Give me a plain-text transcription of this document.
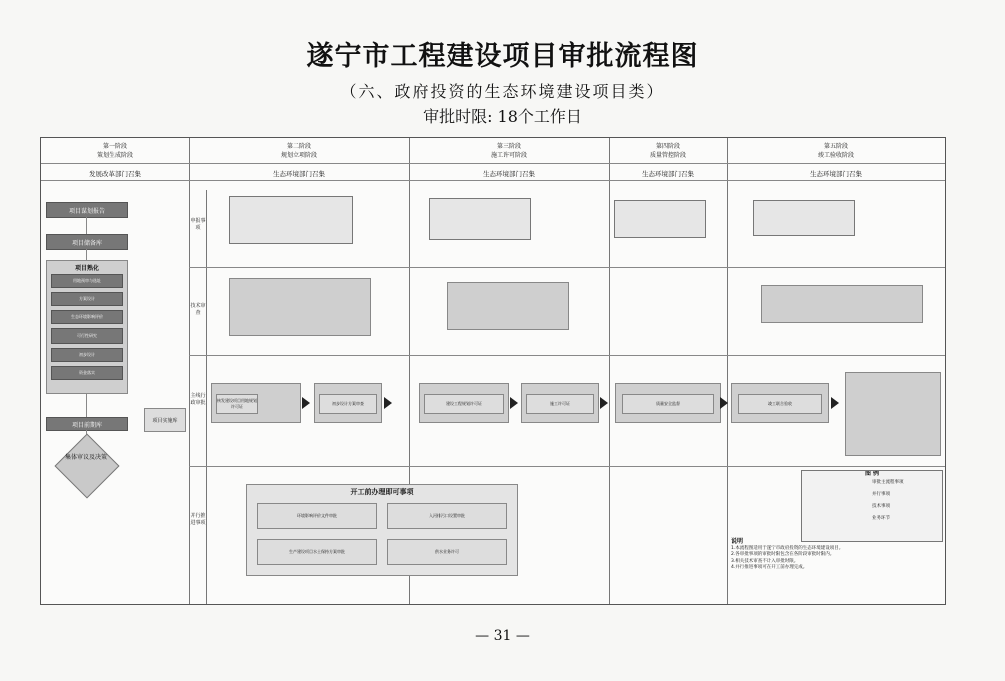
遂宁市工程建设项目审批流程图
（六、政府投资的生态环境建设项目类）
审批时限: 18个工作日
第一阶段
策划生成阶段
第二阶段
规划立项阶段
第三阶段
施工许可阶段
第四阶段
质量管控阶段
第五阶段
竣工验收阶段
发展改革部门召集	生态环境部门召集	生态环境部门召集	生态环境部门召集	生态环境部门召集
申报事项
技术审查
主线行政审批
并行推进事项
项目谋划报告
项目储备库
项目熟化
用地预审与选址
方案设计
生态环境影响评价
可行性研究
初步设计
资金落实
项目前期库
集体审议及决策
项目实施库
核发建设项目用地规划许可证
初步设计方案审查	建设工程规划许可证	施工许可证	质量安全监督	竣工联合验收
开工前办理即可事项
环境影响评价文件审批	入河排污口设置审批
生产建设项目水土保持方案审批	供水业务许可
图 例
审批主流程事项
并行事项
技术事项
业务环节
说明
1.本流程图适用于遂宁市政府投资的生态环境建设项目。
2.各审批事项的审批时限包含在各阶段审批时限内。
3.相关技术审查不计入审批时限。
4.并行推进事项可在开工前办理完成。
— 31 —
